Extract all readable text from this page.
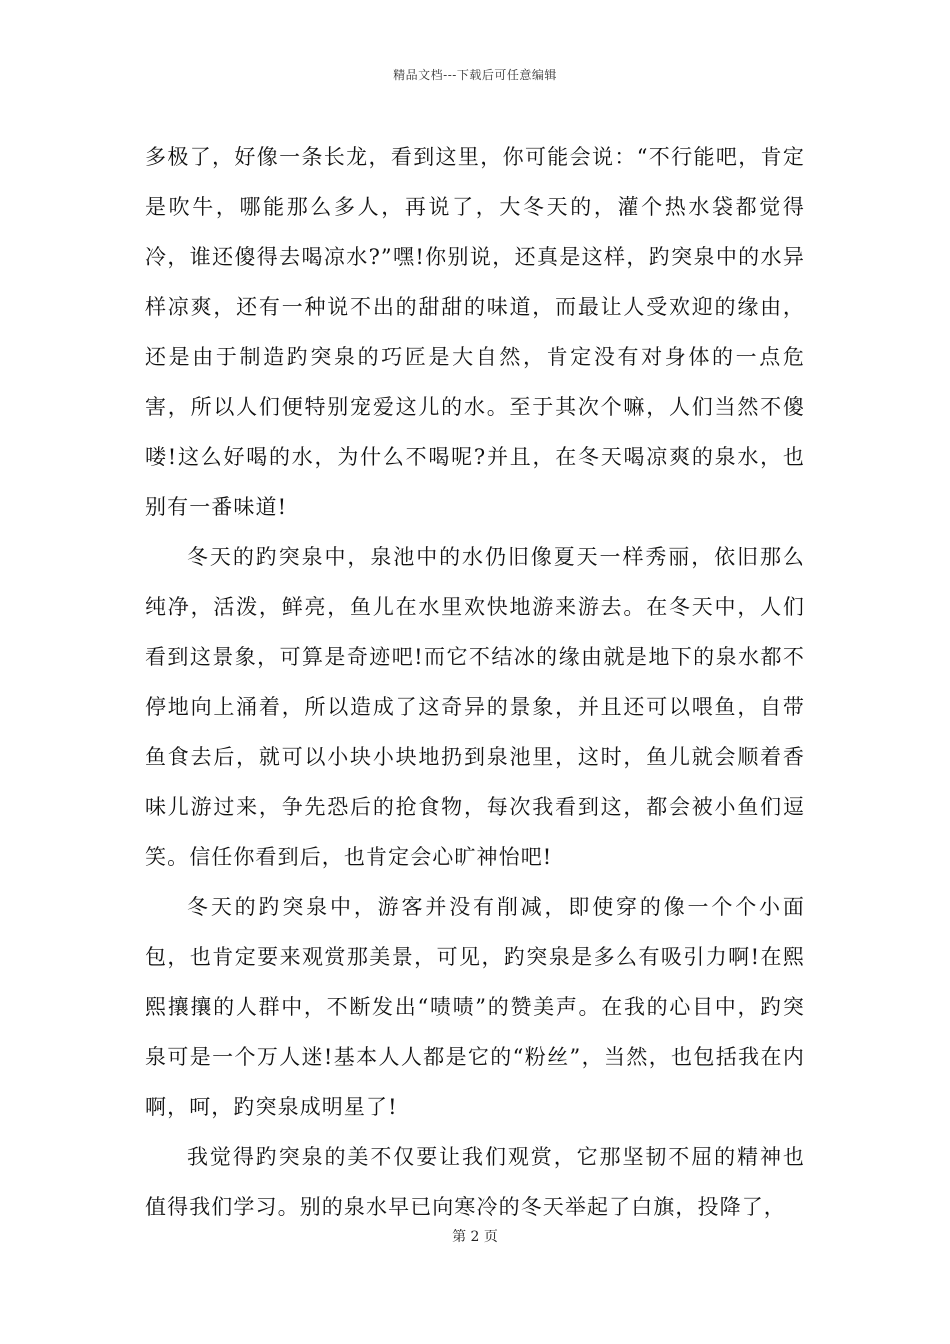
精品文档---下载后可任意编辑

多极了，好像一条长龙，看到这里，你可能会说：“不行能吧，肯定是吹牛，哪能那么多人，再说了，大冬天的，灌个热水袋都觉得冷，谁还傻得去喝凉水?”嘿!你别说，还真是这样，趵突泉中的水异样凉爽，还有一种说不出的甜甜的味道，而最让人受欢迎的缘由，还是由于制造趵突泉的巧匠是大自然，肯定没有对身体的一点危害，所以人们便特别宠爱这儿的水。至于其次个嘛，人们当然不傻喽!这么好喝的水，为什么不喝呢?并且，在冬天喝凉爽的泉水，也别有一番味道!

冬天的趵突泉中，泉池中的水仍旧像夏天一样秀丽，依旧那么纯净，活泼，鲜亮，鱼儿在水里欢快地游来游去。在冬天中，人们看到这景象，可算是奇迹吧!而它不结冰的缘由就是地下的泉水都不停地向上涌着，所以造成了这奇异的景象，并且还可以喂鱼，自带鱼食去后，就可以小块小块地扔到泉池里，这时，鱼儿就会顺着香味儿游过来，争先恐后的抢食物，每次我看到这，都会被小鱼们逗笑。信任你看到后，也肯定会心旷神怡吧!

冬天的趵突泉中，游客并没有削减，即使穿的像一个个小面包，也肯定要来观赏那美景，可见，趵突泉是多么有吸引力啊!在熙熙攘攘的人群中，不断发出“啧啧”的赞美声。在我的心目中，趵突泉可是一个万人迷!基本人人都是它的“粉丝”，当然，也包括我在内啊，呵，趵突泉成明星了!

我觉得趵突泉的美不仅要让我们观赏，它那坚韧不屈的精神也值得我们学习。别的泉水早已向寒冷的冬天举起了白旗，投降了，

第 2 页
